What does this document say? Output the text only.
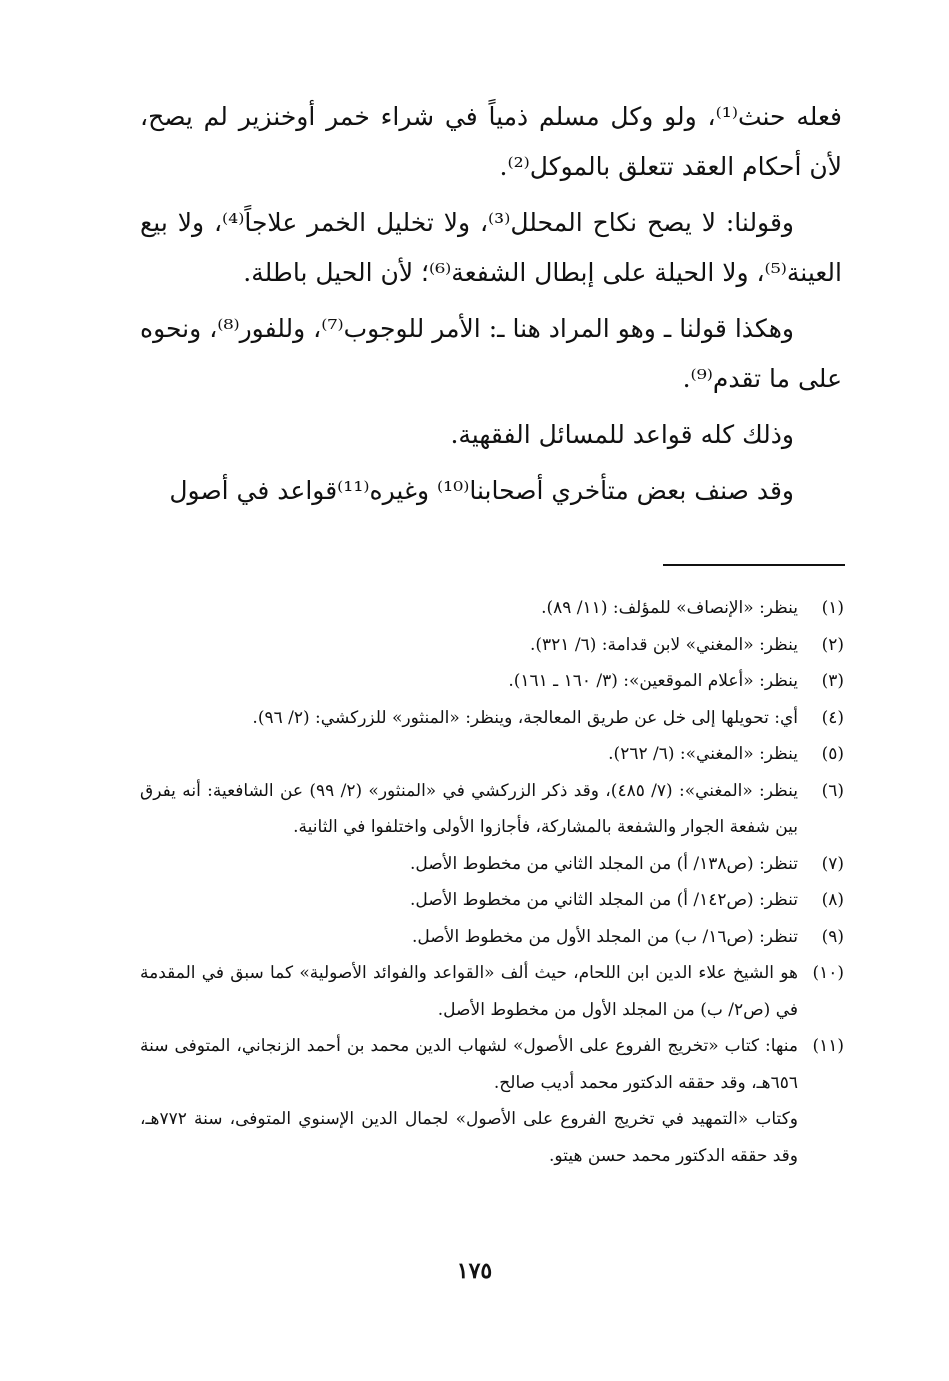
فعله حنث⁽¹⁾، ولو وكل مسلم ذمياً في شراء خمر أوخنزير لم يصح، لأن أحكام العقد تتعلق بالموكل⁽²⁾.

وقولنا: لا يصح نكاح المحلل⁽³⁾، ولا تخليل الخمر علاجاً⁽⁴⁾، ولا بيع العينة⁽⁵⁾، ولا الحيلة على إبطال الشفعة⁽⁶⁾؛ لأن الحيل باطلة.

وهكذا قولنا ـ وهو المراد هنا ـ: الأمر للوجوب⁽⁷⁾، وللفور⁽⁸⁾، ونحوه على ما تقدم⁽⁹⁾.

وذلك كله قواعد للمسائل الفقهية.

وقد صنف بعض متأخري أصحابنا⁽¹⁰⁾ وغيره⁽¹¹⁾قواعد في أصول

(١)
ينظر: «الإنصاف» للمؤلف: (١١/ ٨٩).
(٢)
ينظر: «المغني» لابن قدامة: (٦/ ٣٢١).
(٣)
ينظر: «أعلام الموقعين»: (٣/ ١٦٠ ـ ١٦١).
(٤)
أي: تحويلها إلى خل عن طريق المعالجة، وينظر: «المنثور» للزركشي: (٢/ ٩٦).
(٥)
ينظر: «المغني»: (٦/ ٢٦٢).
(٦)
ينظر: «المغني»: (٧/ ٤٨٥)، وقد ذكر الزركشي في «المنثور» (٢/ ٩٩) عن الشافعية: أنه يفرق بين شفعة الجوار والشفعة بالمشاركة، فأجازوا الأولى واختلفوا في الثانية.
(٧)
تنظر: (ص١٣٨/ أ) من المجلد الثاني من مخطوط الأصل.
(٨)
تنظر: (ص١٤٢/ أ) من المجلد الثاني من مخطوط الأصل.
(٩)
تنظر: (ص١٦/ ب) من المجلد الأول من مخطوط الأصل.
(١٠)
هو الشيخ علاء الدين ابن اللحام، حيث ألف «القواعد والفوائد الأصولية» كما سبق في المقدمة في (ص٢/ ب) من المجلد الأول من مخطوط الأصل.
(١١)
منها: كتاب «تخريج الفروع على الأصول» لشهاب الدين محمد بن أحمد الزنجاني، المتوفى سنة ٦٥٦هـ، وقد حققه الدكتور محمد أديب صالح.

وكتاب «التمهيد في تخريج الفروع على الأصول» لجمال الدين الإسنوي المتوفى، سنة ٧٧٢هـ، وقد حققه الدكتور محمد حسن هيتو.

١٧٥
